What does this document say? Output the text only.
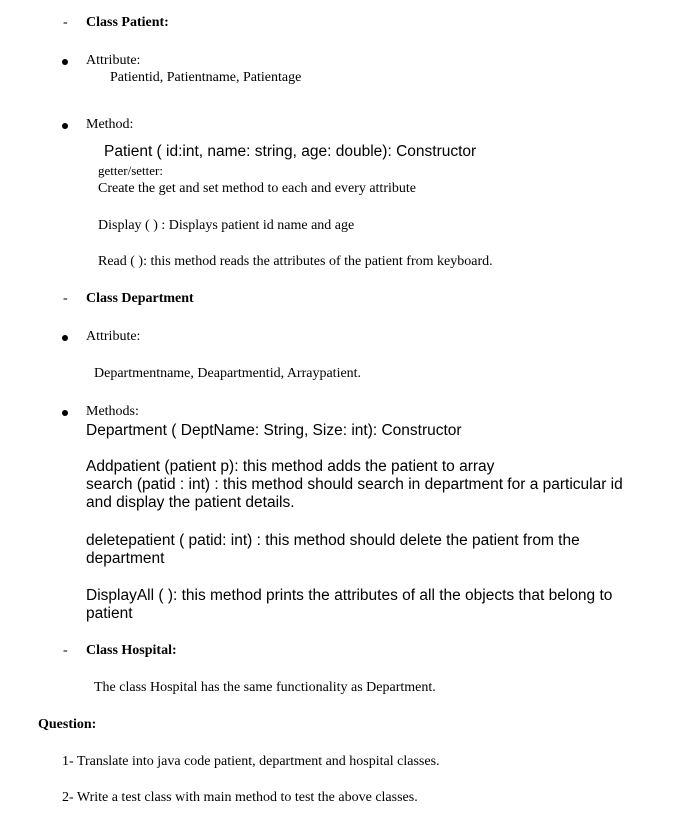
- Class Patient:
Attribute:
Patientid, Patientname, Patientage
Method:
Patient ( id:int, name: string, age: double): Constructor
getter/setter:
Create the get and set method to each and every attribute
Display ( ) : Displays patient id name and age
Read ( ): this method reads the attributes of the patient from keyboard.
- Class Department
Attribute:
Departmentname, Deapartmentid, Arraypatient.
Methods:
Department ( DeptName: String, Size: int): Constructor
Addpatient (patient p): this method adds the patient to array
search (patid : int) : this method should search in department for a particular id
and display the patient details.
deletepatient ( patid: int) : this method should delete the patient from the
department
DisplayAll ( ): this method prints the attributes of all the objects that belong to
patient
- Class Hospital:
The class Hospital has the same functionality as Department.
Question:
1- Translate into java code patient, department and hospital classes.
2- Write a test class with main method to test the above classes.
